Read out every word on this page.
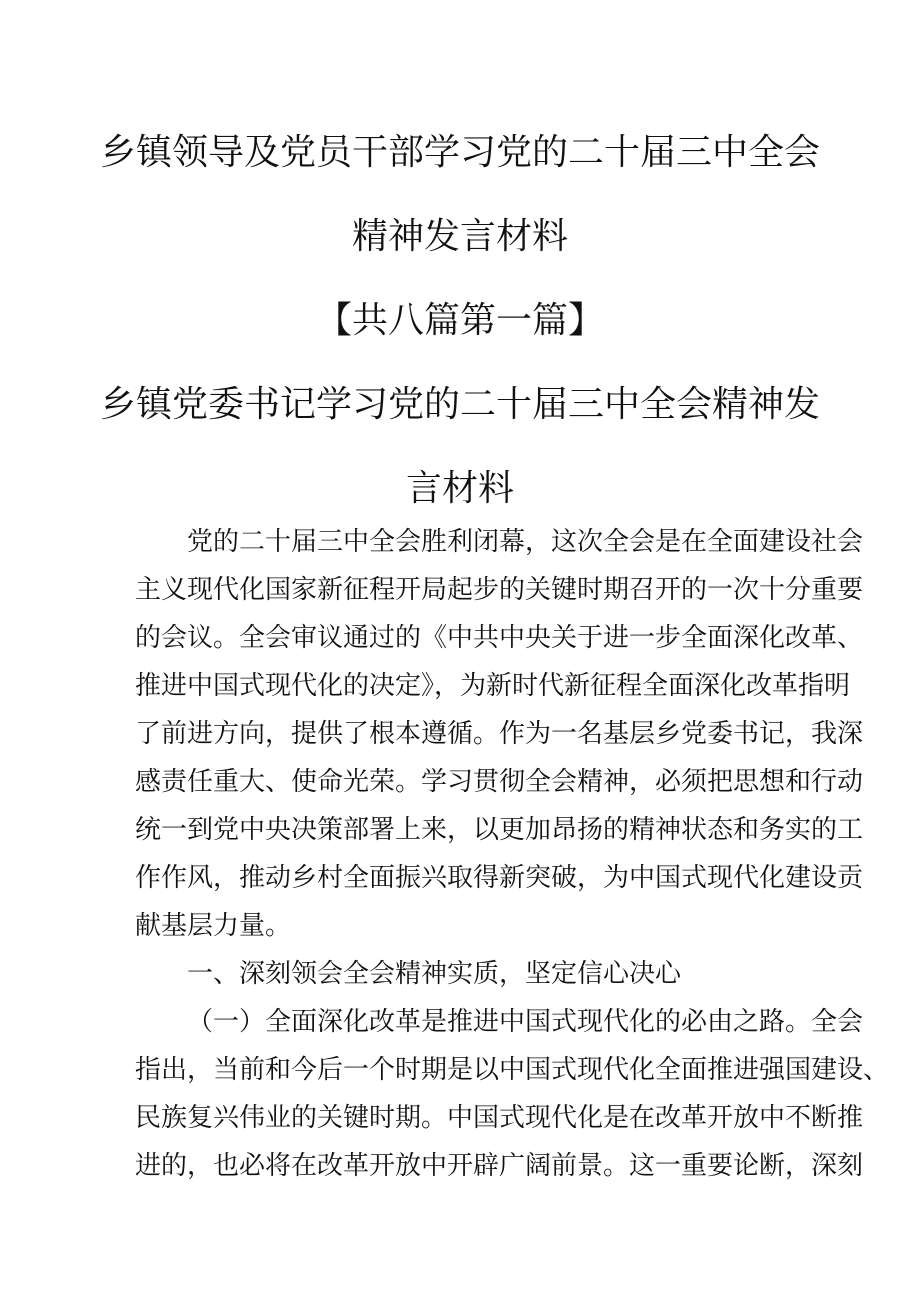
乡镇领导及党员干部学习党的二十届三中全会
精神发言材料
【共八篇第一篇】
乡镇党委书记学习党的二十届三中全会精神发
言材料
党的二十届三中全会胜利闭幕，这次全会是在全面建设社会
主义现代化国家新征程开局起步的关键时期召开的一次十分重要
的会议。全会审议通过的《中共中央关于进一步全面深化改革、
推进中国式现代化的决定》，为新时代新征程全面深化改革指明
了前进方向，提供了根本遵循。作为一名基层乡党委书记，我深
感责任重大、使命光荣。学习贯彻全会精神，必须把思想和行动
统一到党中央决策部署上来，以更加昂扬的精神状态和务实的工
作作风，推动乡村全面振兴取得新突破，为中国式现代化建设贡
献基层力量。
一、深刻领会全会精神实质，坚定信心决心
（一）全面深化改革是推进中国式现代化的必由之路。全会
指出，当前和今后一个时期是以中国式现代化全面推进强国建设、
民族复兴伟业的关键时期。中国式现代化是在改革开放中不断推
进的，也必将在改革开放中开辟广阔前景。这一重要论断，深刻
